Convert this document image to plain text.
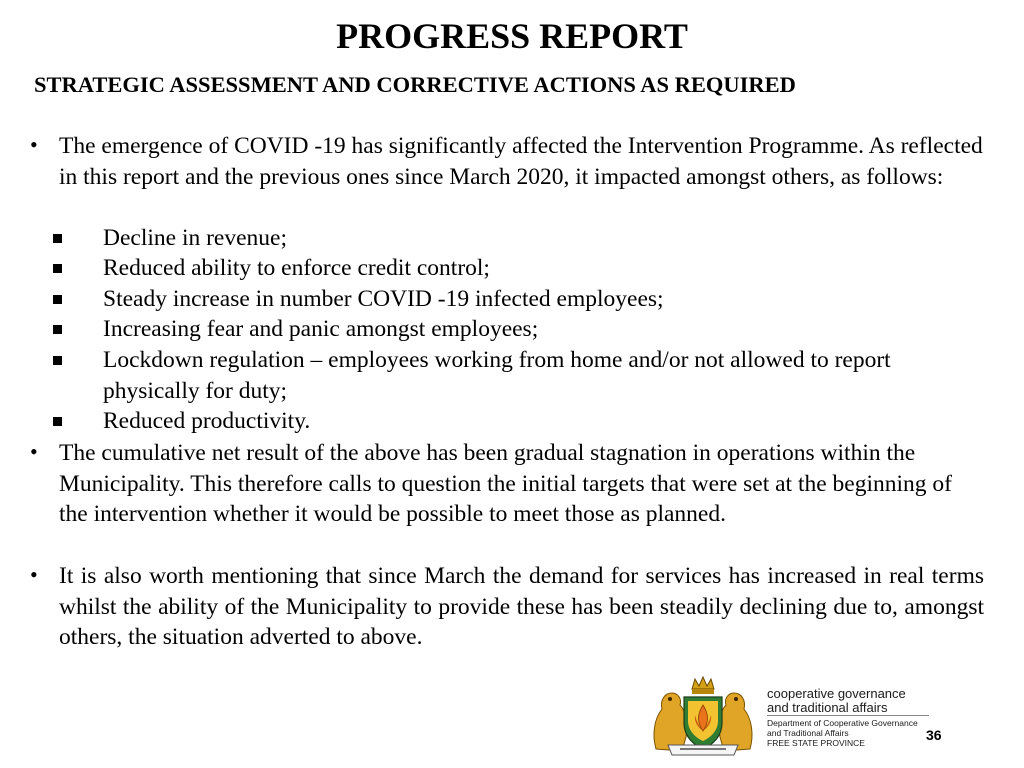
PROGRESS REPORT
STRATEGIC ASSESSMENT AND CORRECTIVE ACTIONS AS REQUIRED
• The emergence of COVID -19 has significantly affected the Intervention Programme. As reflected in this report and the previous ones since March 2020, it impacted amongst others, as follows:
Decline in revenue;
Reduced ability to enforce credit control;
Steady increase in number COVID -19 infected employees;
Increasing fear and panic amongst employees;
Lockdown regulation – employees working from home and/or not allowed to report physically for duty;
Reduced productivity.
• The cumulative net result of the above has been gradual stagnation in operations within the Municipality. This therefore calls to question the initial targets that were set at the beginning of the intervention whether it would be possible to meet those as planned.
• It is also worth mentioning that since March the demand for services has increased in real terms whilst the ability of the Municipality to provide these has been steadily declining due to, amongst others, the situation adverted to above.
cooperative governance
and traditional affairs
Department of Cooperative Governance
and Traditional Affairs
FREE STATE PROVINCE	36
